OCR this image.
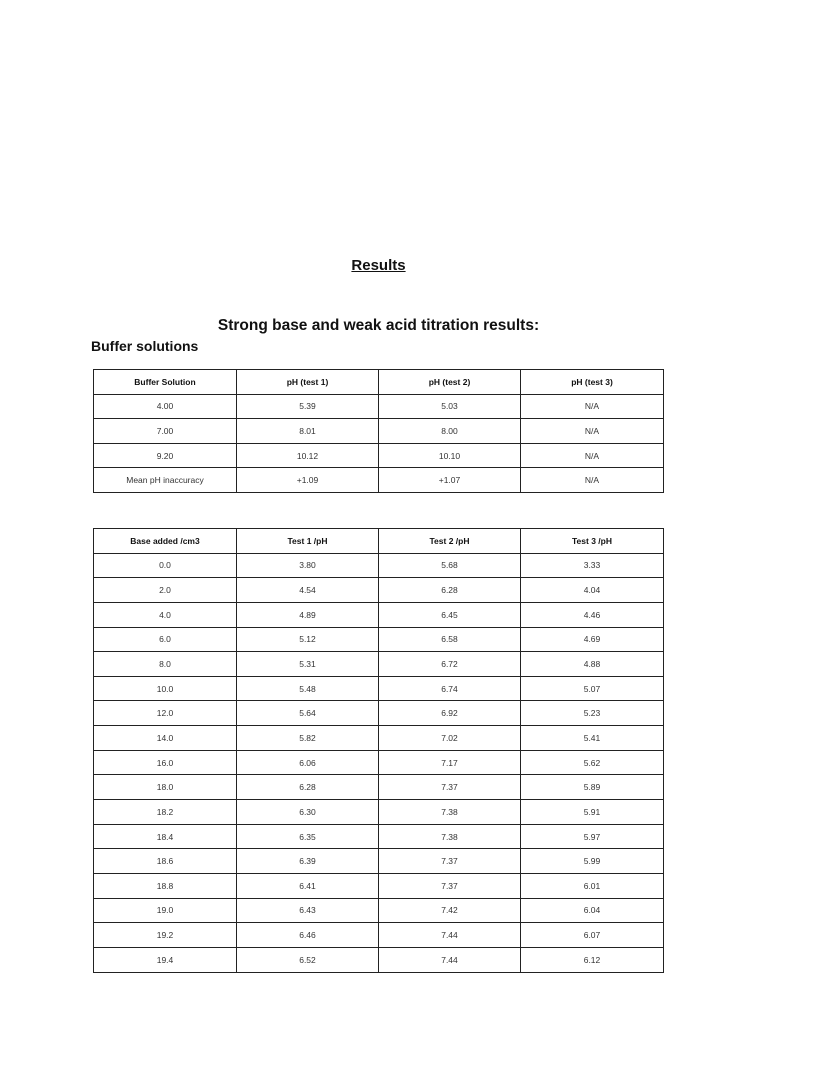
Results
Strong base and weak acid titration results:
Buffer solutions
Buffer Solution	pH (test 1)	pH (test 2)	pH (test 3)
4.00	5.39	5.03	N/A
7.00	8.01	8.00	N/A
9.20	10.12	10.10	N/A
Mean pH inaccuracy	+1.09	+1.07	N/A
Base added /cm3	Test 1 /pH	Test 2 /pH	Test 3 /pH
0.0	3.80	5.68	3.33
2.0	4.54	6.28	4.04
4.0	4.89	6.45	4.46
6.0	5.12	6.58	4.69
8.0	5.31	6.72	4.88
10.0	5.48	6.74	5.07
12.0	5.64	6.92	5.23
14.0	5.82	7.02	5.41
16.0	6.06	7.17	5.62
18.0	6.28	7.37	5.89
18.2	6.30	7.38	5.91
18.4	6.35	7.38	5.97
18.6	6.39	7.37	5.99
18.8	6.41	7.37	6.01
19.0	6.43	7.42	6.04
19.2	6.46	7.44	6.07
19.4	6.52	7.44	6.12
